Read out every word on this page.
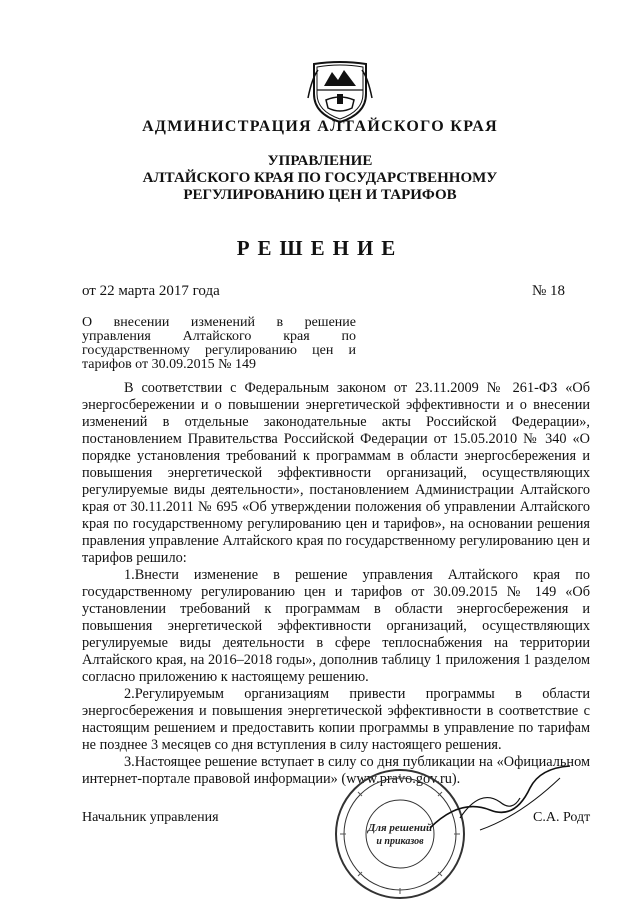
АДМИНИСТРАЦИЯ АЛТАЙСКОГО КРАЯ
УПРАВЛЕНИЕ
АЛТАЙСКОГО КРАЯ ПО ГОСУДАРСТВЕННОМУ
РЕГУЛИРОВАНИЮ ЦЕН И ТАРИФОВ
РЕШЕНИЕ
от 22 марта 2017 года	№ 18
О внесении изменений в решение управления Алтайского края по государственному регулированию цен и тарифов от 30.09.2015 № 149

В соответствии с Федеральным законом от 23.11.2009 № 261-ФЗ «Об энергосбережении и о повышении энергетической эффективности и о внесении изменений в отдельные законодательные акты Российской Федерации», постановлением Правительства Российской Федерации от 15.05.2010 № 340 «О порядке установления требований к программам в области энергосбережения и повышения энергетической эффективности организаций, осуществляющих регулируемые виды деятельности», постановлением Администрации Алтайского края от 30.11.2011 № 695 «Об утверждении положения об управлении Алтайского края по государственному регулированию цен и тарифов», на основании решения правления управление Алтайского края по государственному регулированию цен и тарифов решило:

1.Внести изменение в решение управления Алтайского края по государственному регулированию цен и тарифов от 30.09.2015 № 149 «Об установлении требований к программам в области энергосбережения и повышения энергетической эффективности организаций, осуществляющих регулируемые виды деятельности в сфере теплоснабжения на территории Алтайского края, на 2016–2018 годы», дополнив таблицу 1 приложения 1 разделом согласно приложению к настоящему решению.

2.Регулируемым организациям привести программы в области энергосбережения и повышения энергетической эффективности в соответствие с настоящим решением и предоставить копии программы в управление по тарифам не позднее 3 месяцев со дня вступления в силу настоящего решения.

3.Настоящее решение вступает в силу со дня публикации на «Официальном интернет-портале правовой информации» (www.pravo.gov.ru).

Для решений
и приказов
Начальник управления	С.А. Родт
